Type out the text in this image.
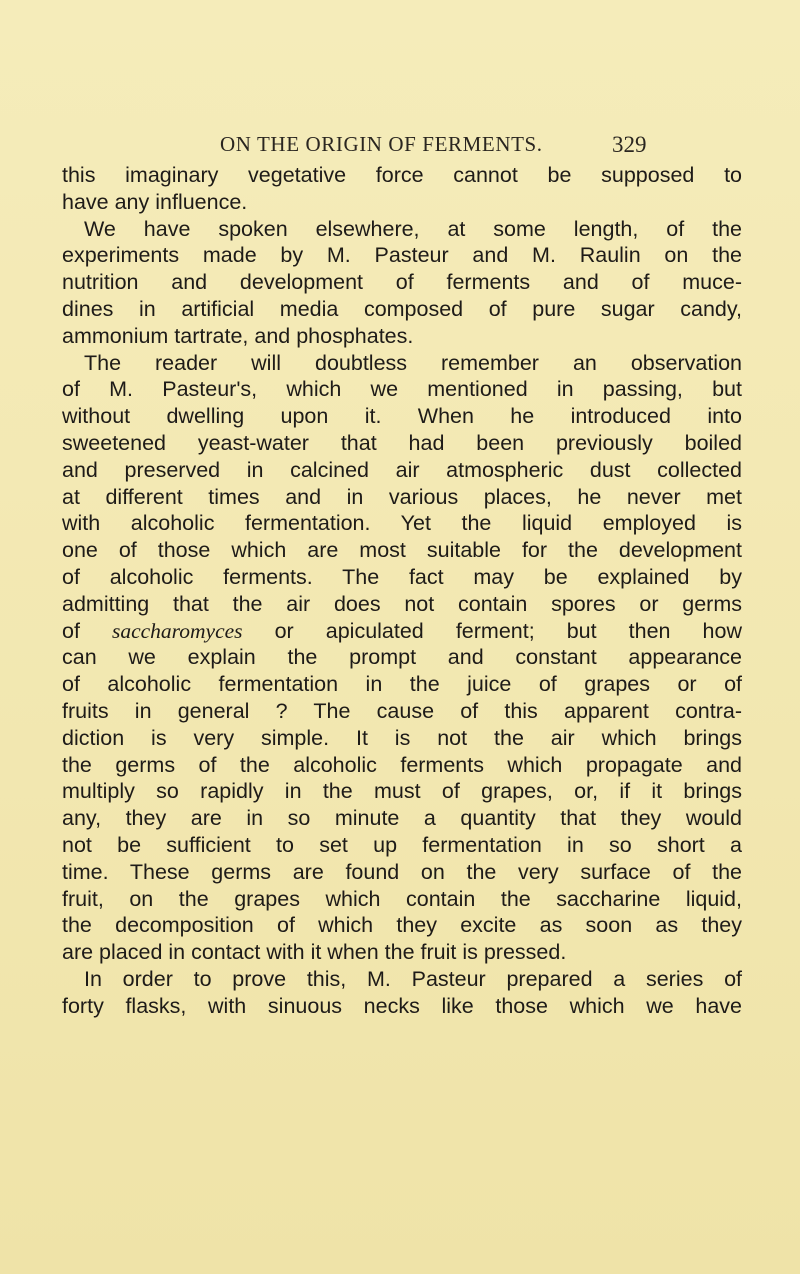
ON THE ORIGIN OF FERMENTS.	329
this imaginary vegetative force cannot be supposed to
have any influence.
We have spoken elsewhere, at some length, of the
experiments made by M. Pasteur and M. Raulin on the
nutrition and development of ferments and of muce-
dines in artificial media composed of pure sugar candy,
ammonium tartrate, and phosphates.
The reader will doubtless remember an observation
of M. Pasteur's, which we mentioned in passing, but
without dwelling upon it. When he introduced into
sweetened yeast-water that had been previously boiled
and preserved in calcined air atmospheric dust collected
at different times and in various places, he never met
with alcoholic fermentation. Yet the liquid employed is
one of those which are most suitable for the development
of alcoholic ferments. The fact may be explained by
admitting that the air does not contain spores or germs
of saccharomyces or apiculated ferment; but then how
can we explain the prompt and constant appearance
of alcoholic fermentation in the juice of grapes or of
fruits in general ? The cause of this apparent contra-
diction is very simple. It is not the air which brings
the germs of the alcoholic ferments which propagate and
multiply so rapidly in the must of grapes, or, if it brings
any, they are in so minute a quantity that they would
not be sufficient to set up fermentation in so short a
time. These germs are found on the very surface of the
fruit, on the grapes which contain the saccharine liquid,
the decomposition of which they excite as soon as they
are placed in contact with it when the fruit is pressed.
In order to prove this, M. Pasteur prepared a series of
forty flasks, with sinuous necks like those which we have
